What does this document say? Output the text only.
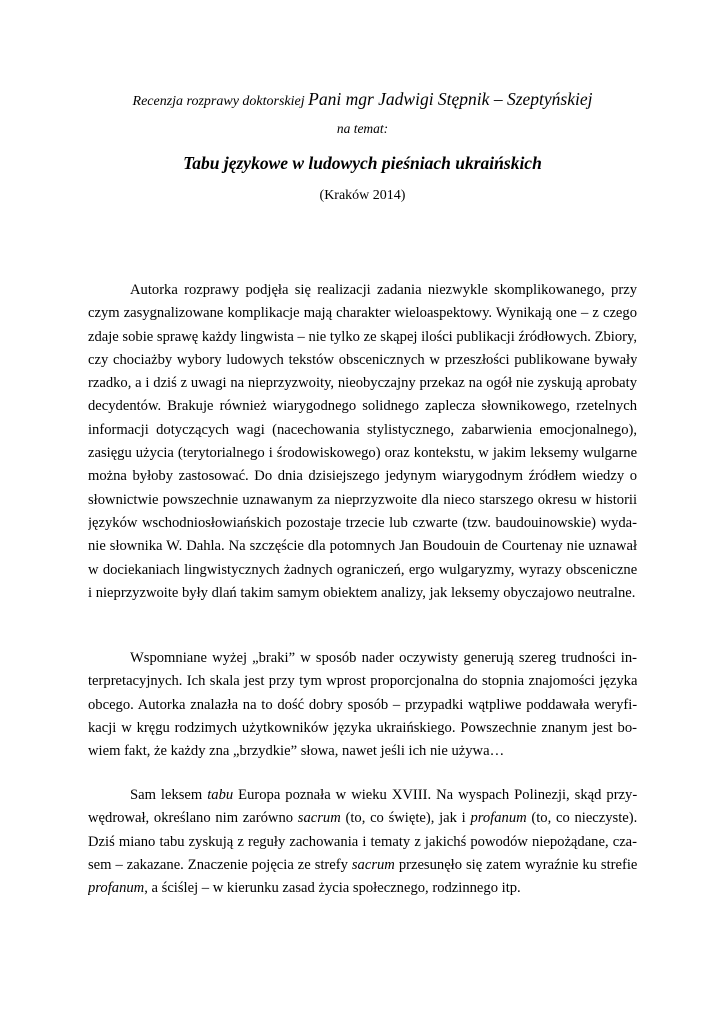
Recenzja rozprawy doktorskiej Pani mgr Jadwigi Stępnik – Szeptyńskiej
na temat:
Tabu językowe w ludowych pieśniach ukraińskich
(Kraków 2014)
Autorka rozprawy podjęła się realizacji zadania niezwykle skomplikowanego, przy
czym zasygnalizowane komplikacje mają charakter wieloaspektowy. Wynikają one – z czego
zdaje sobie sprawę każdy lingwista – nie tylko ze skąpej ilości publikacji źródłowych. Zbiory,
czy chociażby wybory ludowych tekstów obscenicznych w przeszłości publikowane bywały
rzadko, a i dziś z uwagi na nieprzyzwoity, nieobyczajny przekaz na ogół nie zyskują aprobaty
decydentów. Brakuje również wiarygodnego solidnego zaplecza słownikowego, rzetelnych
informacji dotyczących wagi (nacechowania stylistycznego, zabarwienia emocjonalnego),
zasięgu użycia (terytorialnego i środowiskowego) oraz kontekstu, w jakim leksemy wulgarne
można byłoby zastosować. Do dnia dzisiejszego jedynym wiarygodnym źródłem wiedzy o
słownictwie powszechnie uznawanym za nieprzyzwoite dla nieco starszego okresu w historii
języków wschodniosłowiańskich pozostaje trzecie lub czwarte (tzw. baudouinowskie) wyda-
nie słownika W. Dahla. Na szczęście dla potomnych Jan Boudouin de Courtenay nie uznawał
w dociekaniach lingwistycznych żadnych ograniczeń, ergo wulgaryzmy, wyrazy obsceniczne
i nieprzyzwoite były dlań takim samym obiektem analizy, jak leksemy obyczajowo neutralne.
Wspomniane wyżej „braki” w sposób nader oczywisty generują szereg trudności in-
terpretacyjnych. Ich skala jest przy tym wprost proporcjonalna do stopnia znajomości języka
obcego. Autorka znalazła na to dość dobry sposób – przypadki wątpliwe poddawała weryfi-
kacji w kręgu rodzimych użytkowników języka ukraińskiego. Powszechnie znanym jest bo-
wiem fakt, że każdy zna „brzydkie” słowa, nawet jeśli ich nie używa…
Sam leksem tabu Europa poznała w wieku XVIII. Na wyspach Polinezji, skąd przy-
wędrował, określano nim zarówno sacrum (to, co święte), jak i profanum (to, co nieczyste).
Dziś miano tabu zyskują z reguły zachowania i tematy z jakichś powodów niepożądane, cza-
sem – zakazane. Znaczenie pojęcia ze strefy sacrum przesunęło się zatem wyraźnie ku strefie
profanum, a ściślej – w kierunku zasad życia społecznego, rodzinnego itp.
